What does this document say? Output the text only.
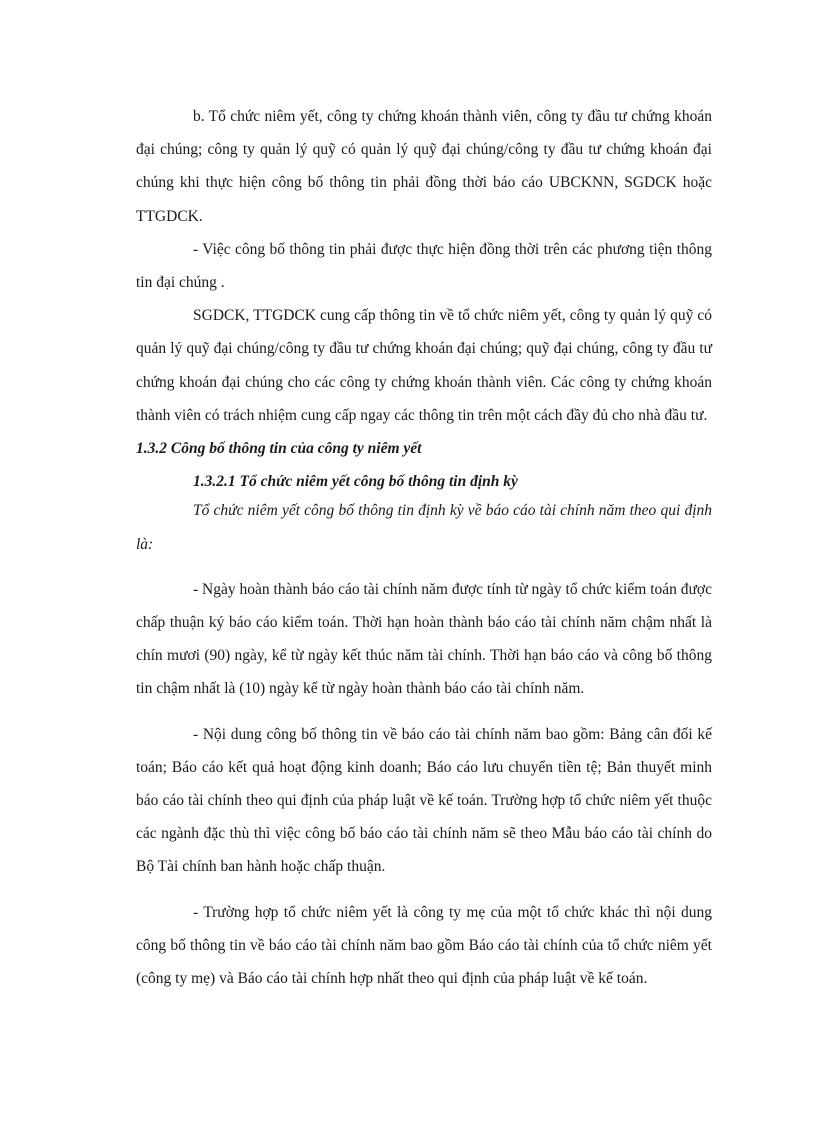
b. Tổ chức niêm yết, công ty chứng khoán thành viên, công ty đầu tư chứng khoán đại chúng; công ty quản lý quỹ có quản lý quỹ đại chúng/công ty đầu tư chứng khoán đại chúng khi thực hiện công bố thông tin phải đồng thời báo cáo UBCKNN, SGDCK hoặc TTGDCK.

- Việc công bố thông tin phải được thực hiện đồng thời trên các phương tiện thông tin đại chúng .

SGDCK, TTGDCK cung cấp thông tin về tổ chức niêm yết, công ty quản lý quỹ có quản lý quỹ đại chúng/công ty đầu tư chứng khoán đại chúng; quỹ đại chúng, công ty đầu tư chứng khoán đại chúng cho các công ty chứng khoán thành viên. Các công ty chứng khoán thành viên có trách nhiệm cung cấp ngay các thông tin trên một cách đầy đủ cho nhà đầu tư.

1.3.2 Công bố thông tin của công ty niêm yết

1.3.2.1 Tổ chức niêm yết công bố thông tin định kỳ

Tổ chức niêm yết công bố thông tin định kỳ về báo cáo tài chính năm theo qui định là:

- Ngày hoàn thành báo cáo tài chính năm được tính từ ngày tổ chức kiểm toán được chấp thuận ký báo cáo kiểm toán. Thời hạn hoàn thành báo cáo tài chính năm chậm nhất là chín mươi (90) ngày, kể từ ngày kết thúc năm tài chính. Thời hạn báo cáo và công bố thông tin chậm nhất là (10) ngày kể từ ngày hoàn thành báo cáo tài chính năm.

- Nội dung công bố thông tin về báo cáo tài chính năm bao gồm: Bảng cân đối kế toán; Báo cáo kết quả hoạt động kinh doanh; Báo cáo lưu chuyển tiền tệ; Bản thuyết minh báo cáo tài chính theo qui định của pháp luật về kế toán. Trường hợp tổ chức niêm yết thuộc các ngành đặc thù thì việc công bố báo cáo tài chính năm sẽ theo Mẫu báo cáo tài chính do Bộ Tài chính ban hành hoặc chấp thuận.

- Trường hợp tổ chức niêm yết là công ty mẹ của một tổ chức khác thì nội dung công bố thông tin về báo cáo tài chính năm bao gồm Báo cáo tài chính của tổ chức niêm yết (công ty mẹ) và Báo cáo tài chính hợp nhất theo qui định của pháp luật về kế toán.
